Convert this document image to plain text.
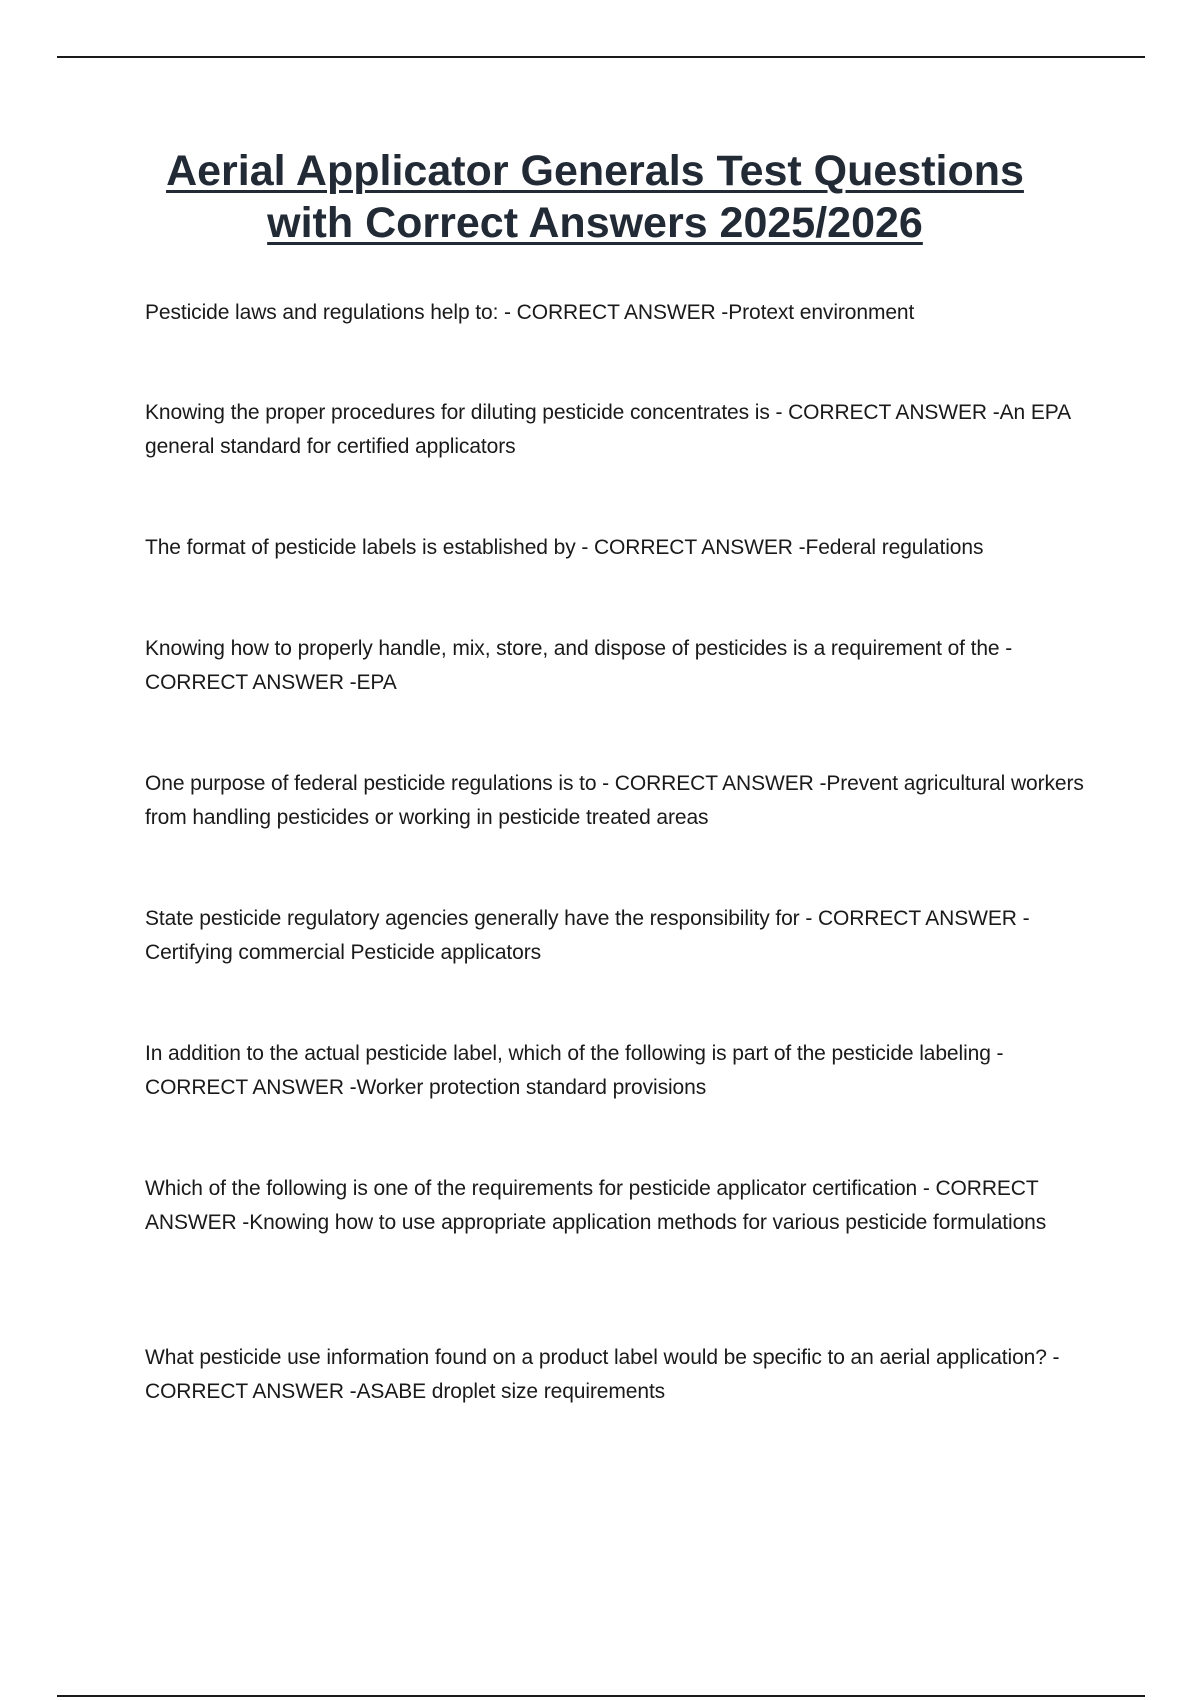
Aerial Applicator Generals Test Questions with Correct Answers 2025/2026

Pesticide laws and regulations help to: - CORRECT ANSWER -Protext environment

Knowing the proper procedures for diluting pesticide concentrates is - CORRECT ANSWER -An EPA general standard for certified applicators

The format of pesticide labels is established by - CORRECT ANSWER -Federal regulations

Knowing how to properly handle, mix, store, and dispose of pesticides is a requirement of the - CORRECT ANSWER -EPA

One purpose of federal pesticide regulations is to - CORRECT ANSWER -Prevent agricultural workers from handling pesticides or working in pesticide treated areas

State pesticide regulatory agencies generally have the responsibility for - CORRECT ANSWER -Certifying commercial Pesticide applicators

In addition to the actual pesticide label, which of the following is part of the pesticide labeling - CORRECT ANSWER -Worker protection standard provisions

Which of the following is one of the requirements for pesticide applicator certification - CORRECT ANSWER -Knowing how to use appropriate application methods for various pesticide formulations

What pesticide use information found on a product label would be specific to an aerial application? - CORRECT ANSWER -ASABE droplet size requirements
